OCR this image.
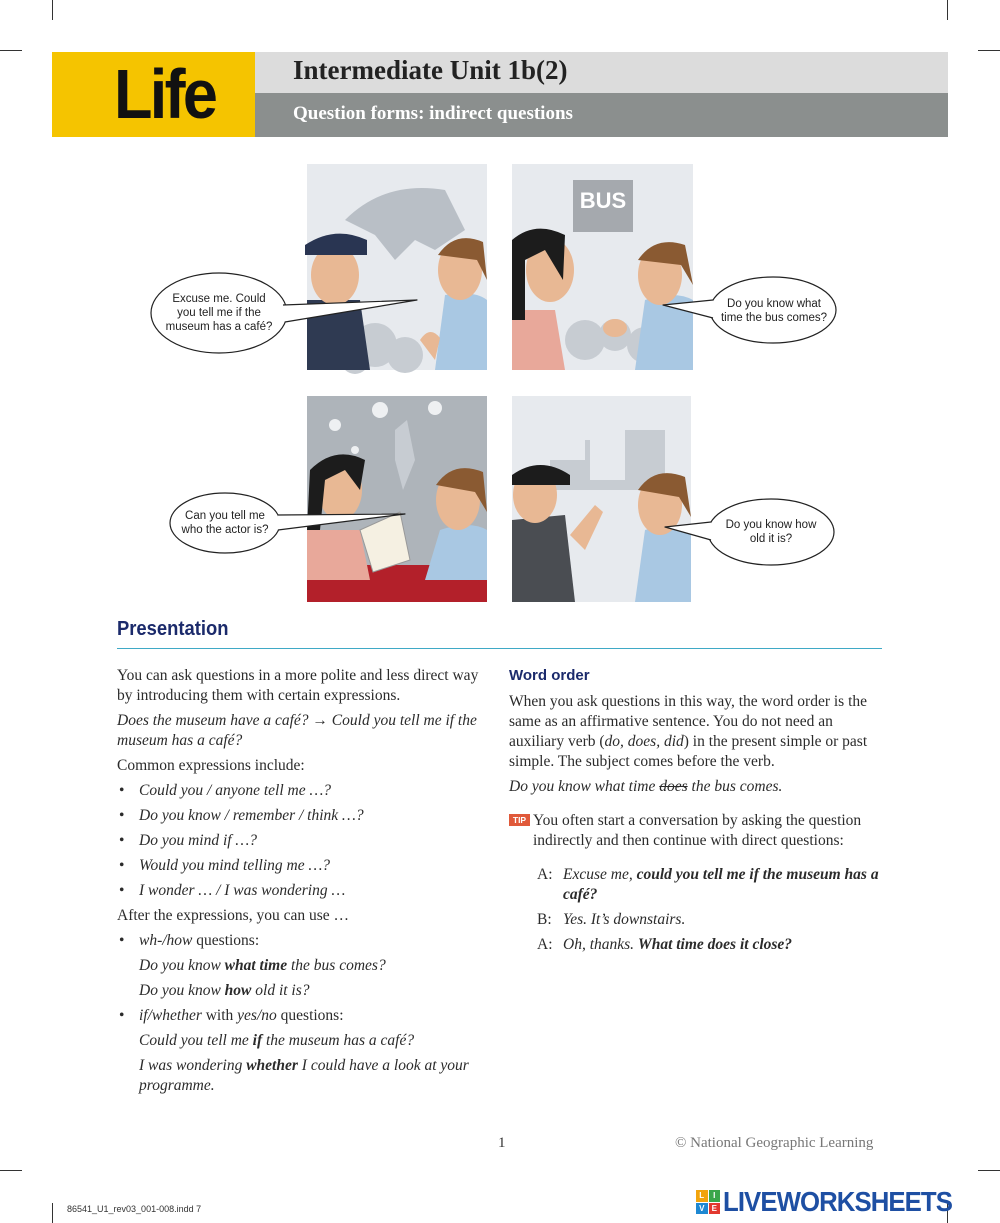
Life	Intermediate Unit 1b(2)
Question forms: indirect questions
BUS
Excuse me. Could you tell me if the museum has a café?
Do you know what time the bus comes?
Can you tell me who the actor is?	Do you know how old it is?
Presentation

You can ask questions in a more polite and less direct way by introducing them with certain expressions.

Does the museum have a café? → Could you tell me if the museum has a café?

Common expressions include:

• Could you / anyone tell me …?
• Do you know / remember / think …?
• Do you mind if …?
• Would you mind telling me …?
• I wonder … / I was wondering …

After the expressions, you can use …

• wh-/how questions:
Do you know what time the bus comes?
Do you know how old it is?
• if/whether with yes/no questions:
Could you tell me if the museum has a café?
I was wondering whether I could have a look at your programme.
Word order

When you ask questions in this way, the word order is the same as an affirmative sentence. You do not need an auxiliary verb (do, does, did) in the present simple or past simple. The subject comes before the verb.

Do you know what time does the bus comes.

TIP You often start a conversation by asking the question indirectly and then continue with direct questions:

A: Excuse me, could you tell me if the museum has a café?
B: Yes. It’s downstairs.
A: Oh, thanks. What time does it close?
1	© National Geographic Learning
86541_U1_rev03_001-008.indd 7
L	I
V E LIVEWORKSHEETS
